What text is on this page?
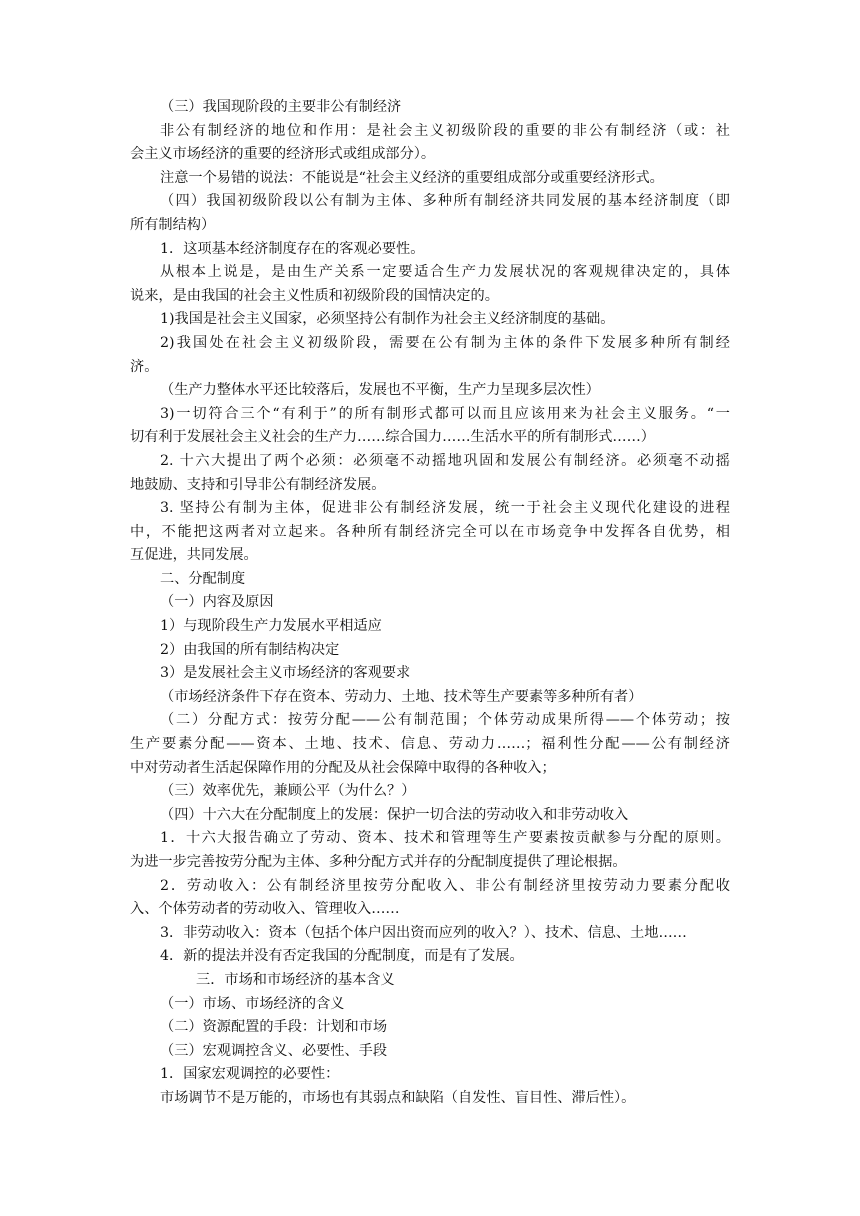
（三）我国现阶段的主要非公有制经济
非公有制经济的地位和作用：是社会主义初级阶段的重要的非公有制经济（或：社
会主义市场经济的重要的经济形式或组成部分）。
注意一个易错的说法：不能说是“社会主义经济的重要组成部分或重要经济形式。
（四）我国初级阶段以公有制为主体、多种所有制经济共同发展的基本经济制度（即
所有制结构）
1．这项基本经济制度存在的客观必要性。
从根本上说是，是由生产关系一定要适合生产力发展状况的客观规律决定的，具体
说来，是由我国的社会主义性质和初级阶段的国情决定的。
1)我国是社会主义国家，必须坚持公有制作为社会主义经济制度的基础。
2)我国处在社会主义初级阶段，需要在公有制为主体的条件下发展多种所有制经
济。
（生产力整体水平还比较落后，发展也不平衡，生产力呈现多层次性）
3)一切符合三个“有利于”的所有制形式都可以而且应该用来为社会主义服务。“一
切有利于发展社会主义社会的生产力……综合国力……生活水平的所有制形式……）
2. 十六大提出了两个必须：必须毫不动摇地巩固和发展公有制经济。必须毫不动摇
地鼓励、支持和引导非公有制经济发展。
3. 坚持公有制为主体，促进非公有制经济发展，统一于社会主义现代化建设的进程
中，不能把这两者对立起来。各种所有制经济完全可以在市场竞争中发挥各自优势，相
互促进，共同发展。
二、分配制度
（一）内容及原因
1）与现阶段生产力发展水平相适应
2）由我国的所有制结构决定
3）是发展社会主义市场经济的客观要求
（市场经济条件下存在资本、劳动力、土地、技术等生产要素等多种所有者）
（二）分配方式：按劳分配——公有制范围；个体劳动成果所得——个体劳动；按
生产要素分配——资本、土地、技术、信息、劳动力……；福利性分配——公有制经济
中对劳动者生活起保障作用的分配及从社会保障中取得的各种收入；
（三）效率优先，兼顾公平（为什么？）
（四）十六大在分配制度上的发展：保护一切合法的劳动收入和非劳动收入
1．十六大报告确立了劳动、资本、技术和管理等生产要素按贡献参与分配的原则。
为进一步完善按劳分配为主体、多种分配方式并存的分配制度提供了理论根据。
2．劳动收入：公有制经济里按劳分配收入、非公有制经济里按劳动力要素分配收
入、个体劳动者的劳动收入、管理收入……
3．非劳动收入：资本（包括个体户因出资而应列的收入？）、技术、信息、土地……
4．新的提法并没有否定我国的分配制度，而是有了发展。
三．市场和市场经济的基本含义
（一）市场、市场经济的含义
（二）资源配置的手段：计划和市场
（三）宏观调控含义、必要性、手段
1．国家宏观调控的必要性：
市场调节不是万能的，市场也有其弱点和缺陷（自发性、盲目性、滞后性）。
